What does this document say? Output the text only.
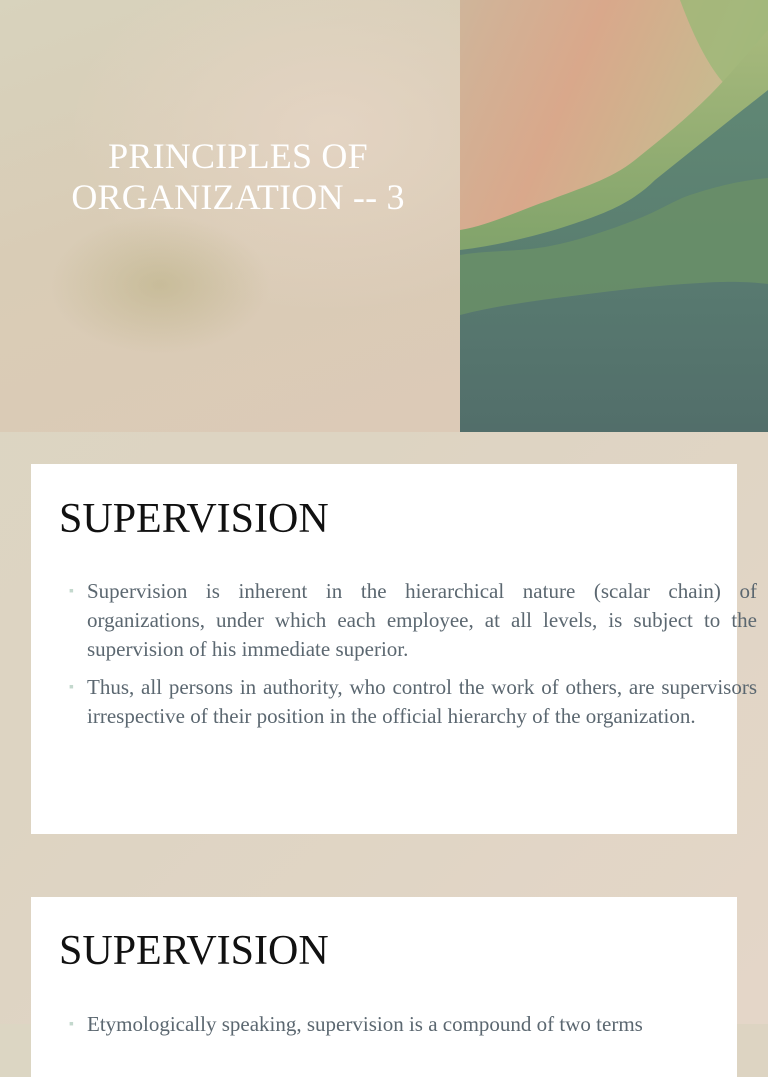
PRINCIPLES OF ORGANIZATION -- 3
SUPERVISION
▪ Supervision is inherent in the hierarchical nature (scalar chain) of organizations, under which each employee, at all levels, is subject to the supervision of his immediate superior.
▪ Thus, all persons in authority, who control the work of others, are supervisors irrespective of their position in the official hierarchy of the organization.
SUPERVISION
▪ Etymologically speaking, supervision is a compound of two terms
